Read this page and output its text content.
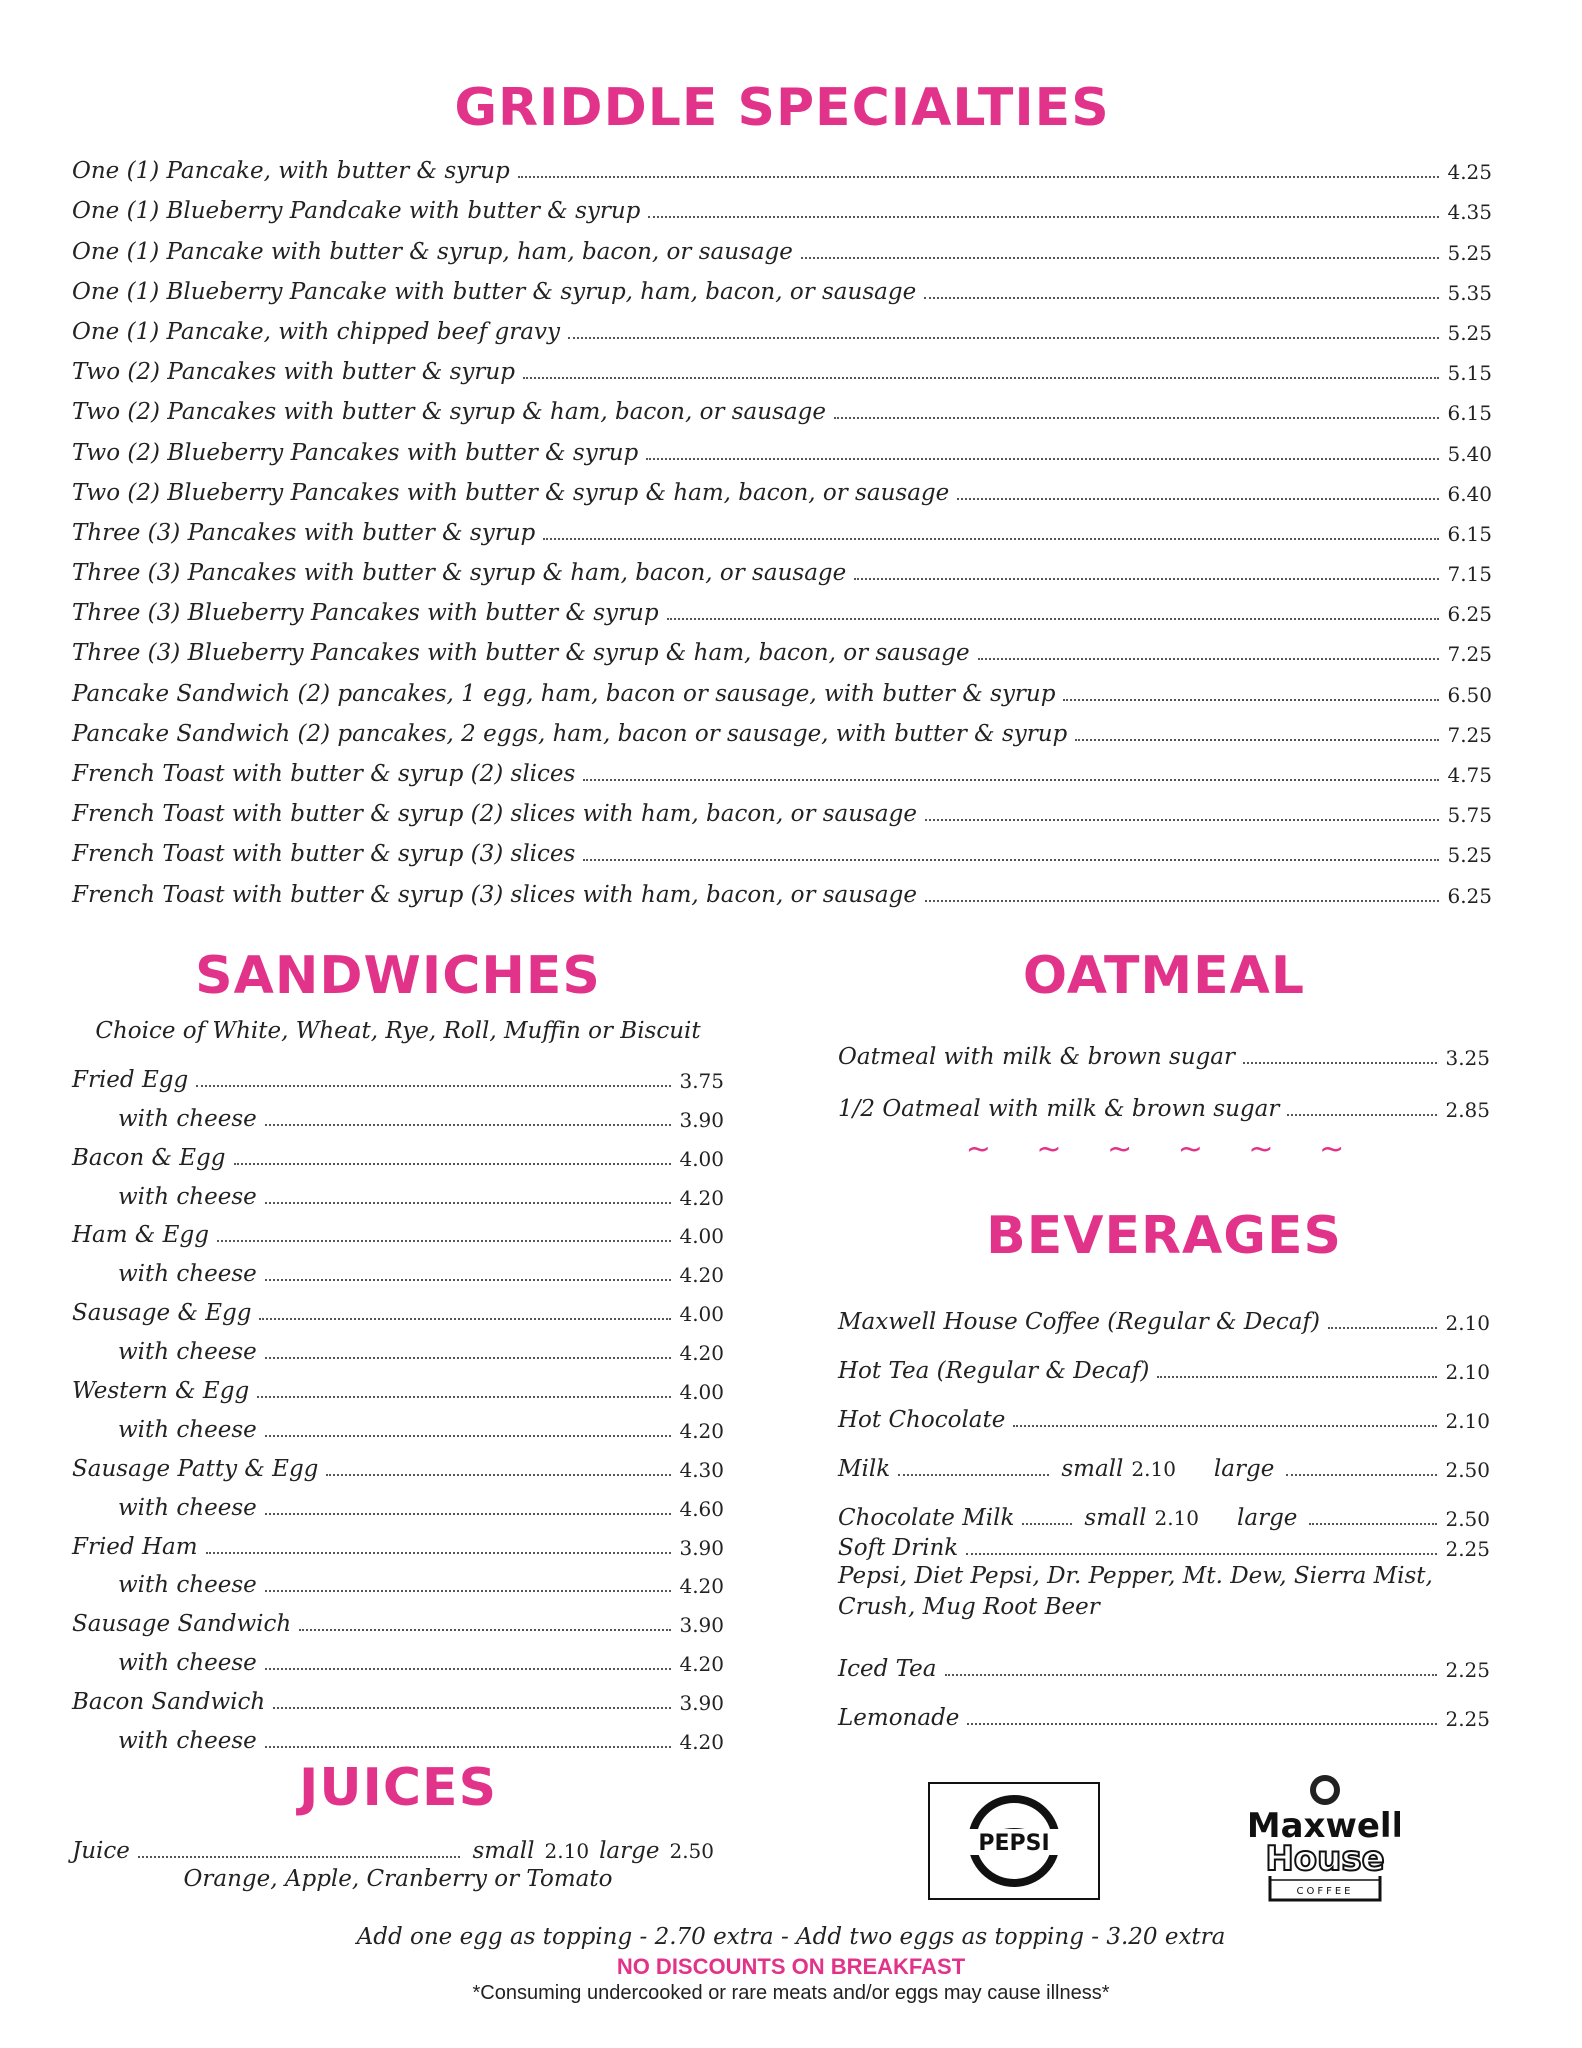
GRIDDLE SPECIALTIES
One (1) Pancake, with butter & syrup	4.25
One (1) Blueberry Pandcake with butter & syrup	4.35
One (1) Pancake with butter & syrup, ham, bacon, or sausage	5.25
One (1) Blueberry Pancake with butter & syrup, ham, bacon, or sausage	5.35
One (1) Pancake, with chipped beef gravy	5.25
Two (2) Pancakes with butter & syrup	5.15
Two (2) Pancakes with butter & syrup & ham, bacon, or sausage	6.15
Two (2) Blueberry Pancakes with butter & syrup	5.40
Two (2) Blueberry Pancakes with butter & syrup & ham, bacon, or sausage	6.40
Three (3) Pancakes with butter & syrup	6.15
Three (3) Pancakes with butter & syrup & ham, bacon, or sausage	7.15
Three (3) Blueberry Pancakes with butter & syrup	6.25
Three (3) Blueberry Pancakes with butter & syrup & ham, bacon, or sausage	7.25
Pancake Sandwich (2) pancakes, 1 egg, ham, bacon or sausage, with butter & syrup	6.50
Pancake Sandwich (2) pancakes, 2 eggs, ham, bacon or sausage, with butter & syrup	7.25
French Toast with butter & syrup (2) slices	4.75
French Toast with butter & syrup (2) slices with ham, bacon, or sausage	5.75
French Toast with butter & syrup (3) slices	5.25
French Toast with butter & syrup (3) slices with ham, bacon, or sausage	6.25
SANDWICHES
Choice of White, Wheat, Rye, Roll, Muffin or Biscuit
Fried Egg	3.75
with cheese	3.90
Bacon & Egg	4.00
with cheese	4.20
Ham & Egg	4.00
with cheese	4.20
Sausage & Egg	4.00
with cheese	4.20
Western & Egg	4.00
with cheese	4.20
Sausage Patty & Egg	4.30
with cheese	4.60
Fried Ham	3.90
with cheese	4.20
Sausage Sandwich	3.90
with cheese	4.20
Bacon Sandwich	3.90
with cheese	4.20
JUICES
Juice	small 2.10 large 2.50
Orange, Apple, Cranberry or Tomato
OATMEAL
Oatmeal with milk & brown sugar	3.25
1/2 Oatmeal with milk & brown sugar	2.85
~ ~ ~ ~ ~ ~
BEVERAGES
Maxwell House Coffee (Regular & Decaf)	2.10
Hot Tea (Regular & Decaf)	2.10
Hot Chocolate	2.10
Milk	small 2.10 large	2.50
Chocolate Milk	small 2.10 large	2.50
Soft Drink	2.25
Pepsi, Diet Pepsi, Dr. Pepper, Mt. Dew, Sierra Mist, Crush, Mug Root Beer
Iced Tea	2.25
Lemonade	2.25
PEPSI	Maxwell
House
COFFEE
Add one egg as topping - 2.70 extra - Add two eggs as topping - 3.20 extra
NO DISCOUNTS ON BREAKFAST
*Consuming undercooked or rare meats and/or eggs may cause illness*
